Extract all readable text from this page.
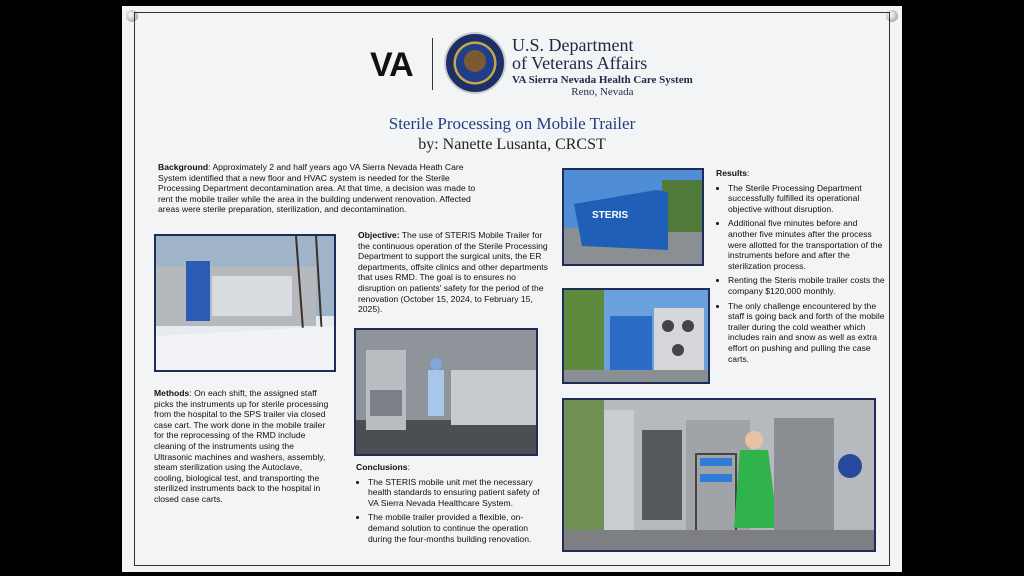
VA
U.S. Department
of Veterans Affairs
VA Sierra Nevada Health Care System
Reno, Nevada
Sterile Processing on Mobile Trailer
by: Nanette Lusanta, CRCST
Background: Approximately 2 and half years ago VA Sierra Nevada Heath Care System identified that a new floor and HVAC system is needed for the Sterile Processing Department decontamination area. At that time, a decision was made to rent the mobile trailer while the area in the building underwent renovation. Affected areas were sterile preparation, sterilization, and decontamination.
Objective: The use of STERIS Mobile Trailer for the continuous operation of the Sterile Processing Department to support the surgical units, the ER departments, offsite clinics and other departments that uses RMD. The goal is to ensures no disruption on patients' safety for the period of the renovation (October 15, 2024, to February 15, 2025).
Methods: On each shift, the assigned staff picks the instruments up for sterile processing from the hospital to the SPS trailer via closed case cart. The work done in the mobile trailer for the reprocessing of the RMD include cleaning of the instruments using the Ultrasonic machines and washers, assembly, steam sterilization using the Autoclave, cooling, biological test, and transporting the sterilized instruments back to the hospital in closed case carts.
Conclusions:
• The STERIS mobile unit met the necessary health standards to ensuring patient safety of VA Sierra Nevada Healthcare System.
• The mobile trailer provided a flexible, on-demand solution to continue the operation during the four-months building renovation.
STERIS
Results:
• The Sterile Processing Department successfully fulfilled its operational objective without disruption.
• Additional five minutes before and another five minutes after the process were allotted for the transportation of the instruments before and after the sterilization process.
• Renting the Steris mobile trailer costs the company $120,000 monthly.
• The only challenge encountered by the staff is going back and forth of the mobile trailer during the cold weather which includes rain and snow as well as extra effort on pushing and pulling the case carts.
